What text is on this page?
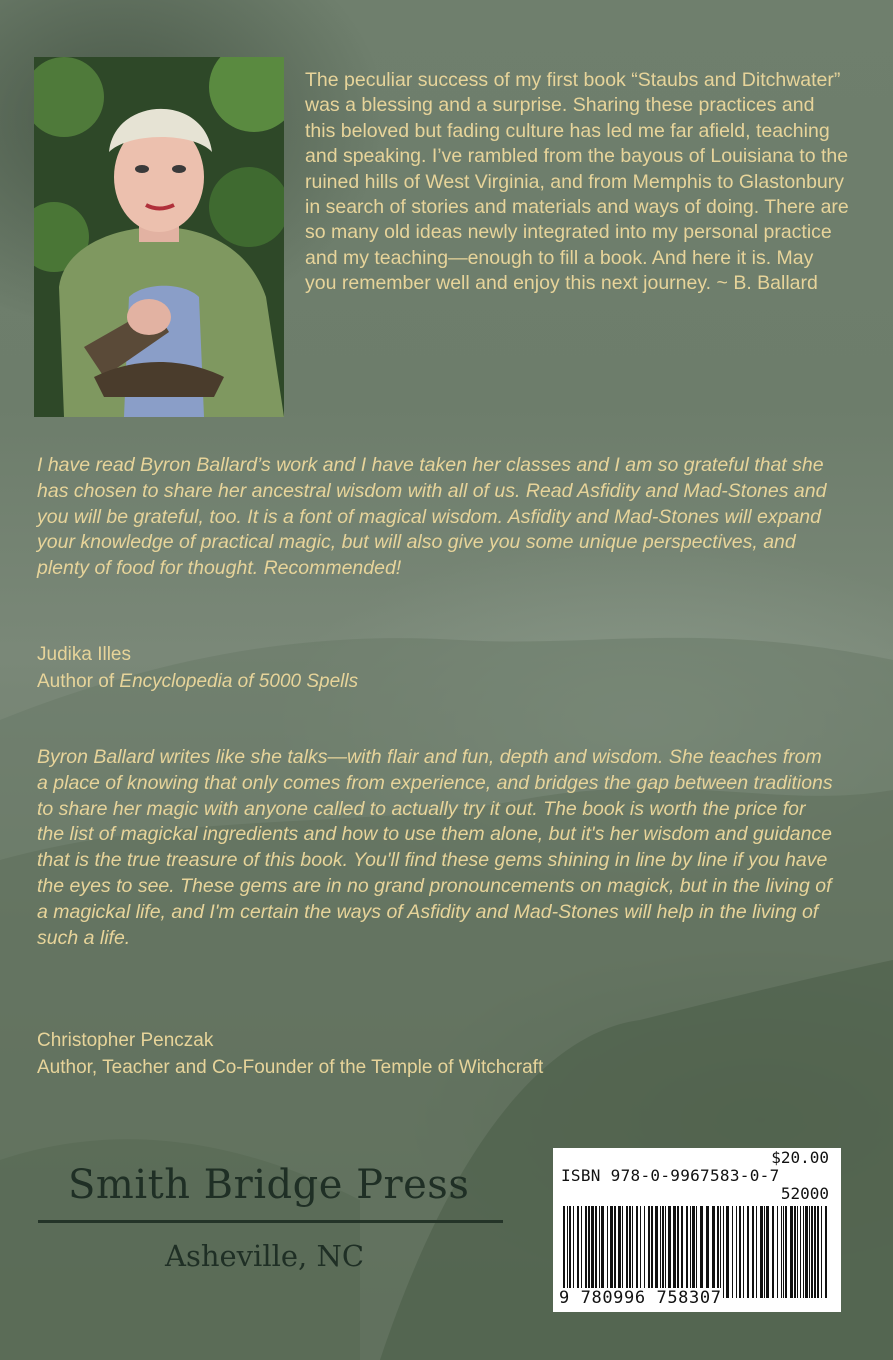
The peculiar success of my first book “Staubs and Ditchwater” was a blessing and a surprise. Sharing these practices and this beloved but fading culture has led me far afield, teaching and speaking. I’ve rambled from the bayous of Louisiana to the ruined hills of West Virginia, and from Memphis to Glastonbury in search of stories and materials and ways of doing. There are so many old ideas newly integrated into my personal practice and my teaching—enough to fill a book. And here it is. May you remember well and enjoy this next journey. ~ B. Ballard
I have read Byron Ballard’s work and I have taken her classes and I am so grateful that she has chosen to share her ancestral wisdom with all of us. Read Asfidity and Mad-Stones and you will be grateful, too. It is a font of magical wisdom. Asfidity and Mad-Stones will expand your knowledge of practical magic, but will also give you some unique perspectives, and plenty of food for thought. Recommended!
Judika Illes
Author of Encyclopedia of 5000 Spells
Byron Ballard writes like she talks—with flair and fun, depth and wisdom. She teaches from a place of knowing that only comes from experience, and bridges the gap between traditions to share her magic with anyone called to actually try it out. The book is worth the price for the list of magickal ingredients and how to use them alone, but it's her wisdom and guidance that is the true treasure of this book. You'll find these gems shining in line by line if you have the eyes to see. These gems are in no grand pronouncements on magick, but in the living of a magickal life, and I'm certain the ways of Asfidity and Mad-Stones will help in the living of such a life.
Christopher Penczak
Author, Teacher and Co-Founder of the Temple of Witchcraft
Smith Bridge Press
Asheville, NC
$20.00
ISBN 978-0-9967583-0-7
52000
9 780996 758307
